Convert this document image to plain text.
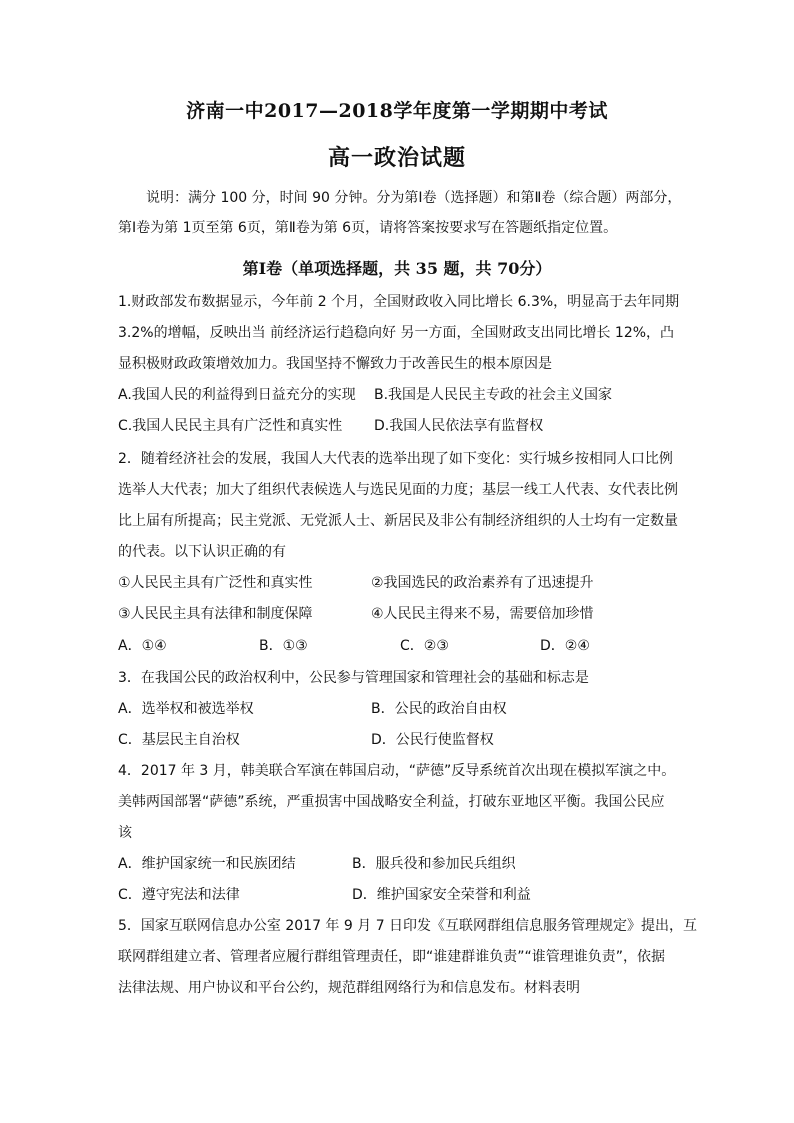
济南一中2017—2018学年度第一学期期中考试
高一政治试题
说明：满分 100 分，时间 90 分钟。分为第Ⅰ卷（选择题）和第Ⅱ卷（综合题）两部分，
第Ⅰ卷为第 1页至第 6页，第Ⅱ卷为第 6页，请将答案按要求写在答题纸指定位置。
第Ⅰ卷（单项选择题，共 35 题，共 70分）
1.财政部发布数据显示，今年前 2 个月，全国财政收入同比增长 6.3%，明显高于去年同期
3.2%的增幅，反映出当 前经济运行趋稳向好 另一方面，全国财政支出同比增长 12%，凸
显积极财政政策增效加力。我国坚持不懈致力于改善民生的根本原因是
A.我国人民的利益得到日益充分的实现 B.我国是人民民主专政的社会主义国家
C.我国人民民主具有广泛性和真实性 D.我国人民依法享有监督权
2．随着经济社会的发展，我国人大代表的选举出现了如下变化：实行城乡按相同人口比例
选举人大代表；加大了组织代表候选人与选民见面的力度；基层一线工人代表、女代表比例
比上届有所提高；民主党派、无党派人士、新居民及非公有制经济组织的人士均有一定数量
的代表。以下认识正确的有
①人民民主具有广泛性和真实性	②我国选民的政治素养有了迅速提升
③人民民主具有法律和制度保障	④人民民主得来不易，需要倍加珍惜
A．①④	B．①③	C．②③	D．②④
3．在我国公民的政治权利中，公民参与管理国家和管理社会的基础和标志是
A．选举权和被选举权	B．公民的政治自由权
C．基层民主自治权	D．公民行使监督权
4．2017 年 3 月，韩美联合军演在韩国启动，“萨德”反导系统首次出现在模拟军演之中。
美韩两国部署“萨德”系统，严重损害中国战略安全利益，打破东亚地区平衡。我国公民应
该
A．维护国家统一和民族团结	B．服兵役和参加民兵组织
C．遵守宪法和法律	D．维护国家安全荣誉和利益
5．国家互联网信息办公室 2017 年 9 月 7 日印发《互联网群组信息服务管理规定》提出，互
联网群组建立者、管理者应履行群组管理责任，即“谁建群谁负责”“谁管理谁负责”，依据
法律法规、用户协议和平台公约，规范群组网络行为和信息发布。材料表明
